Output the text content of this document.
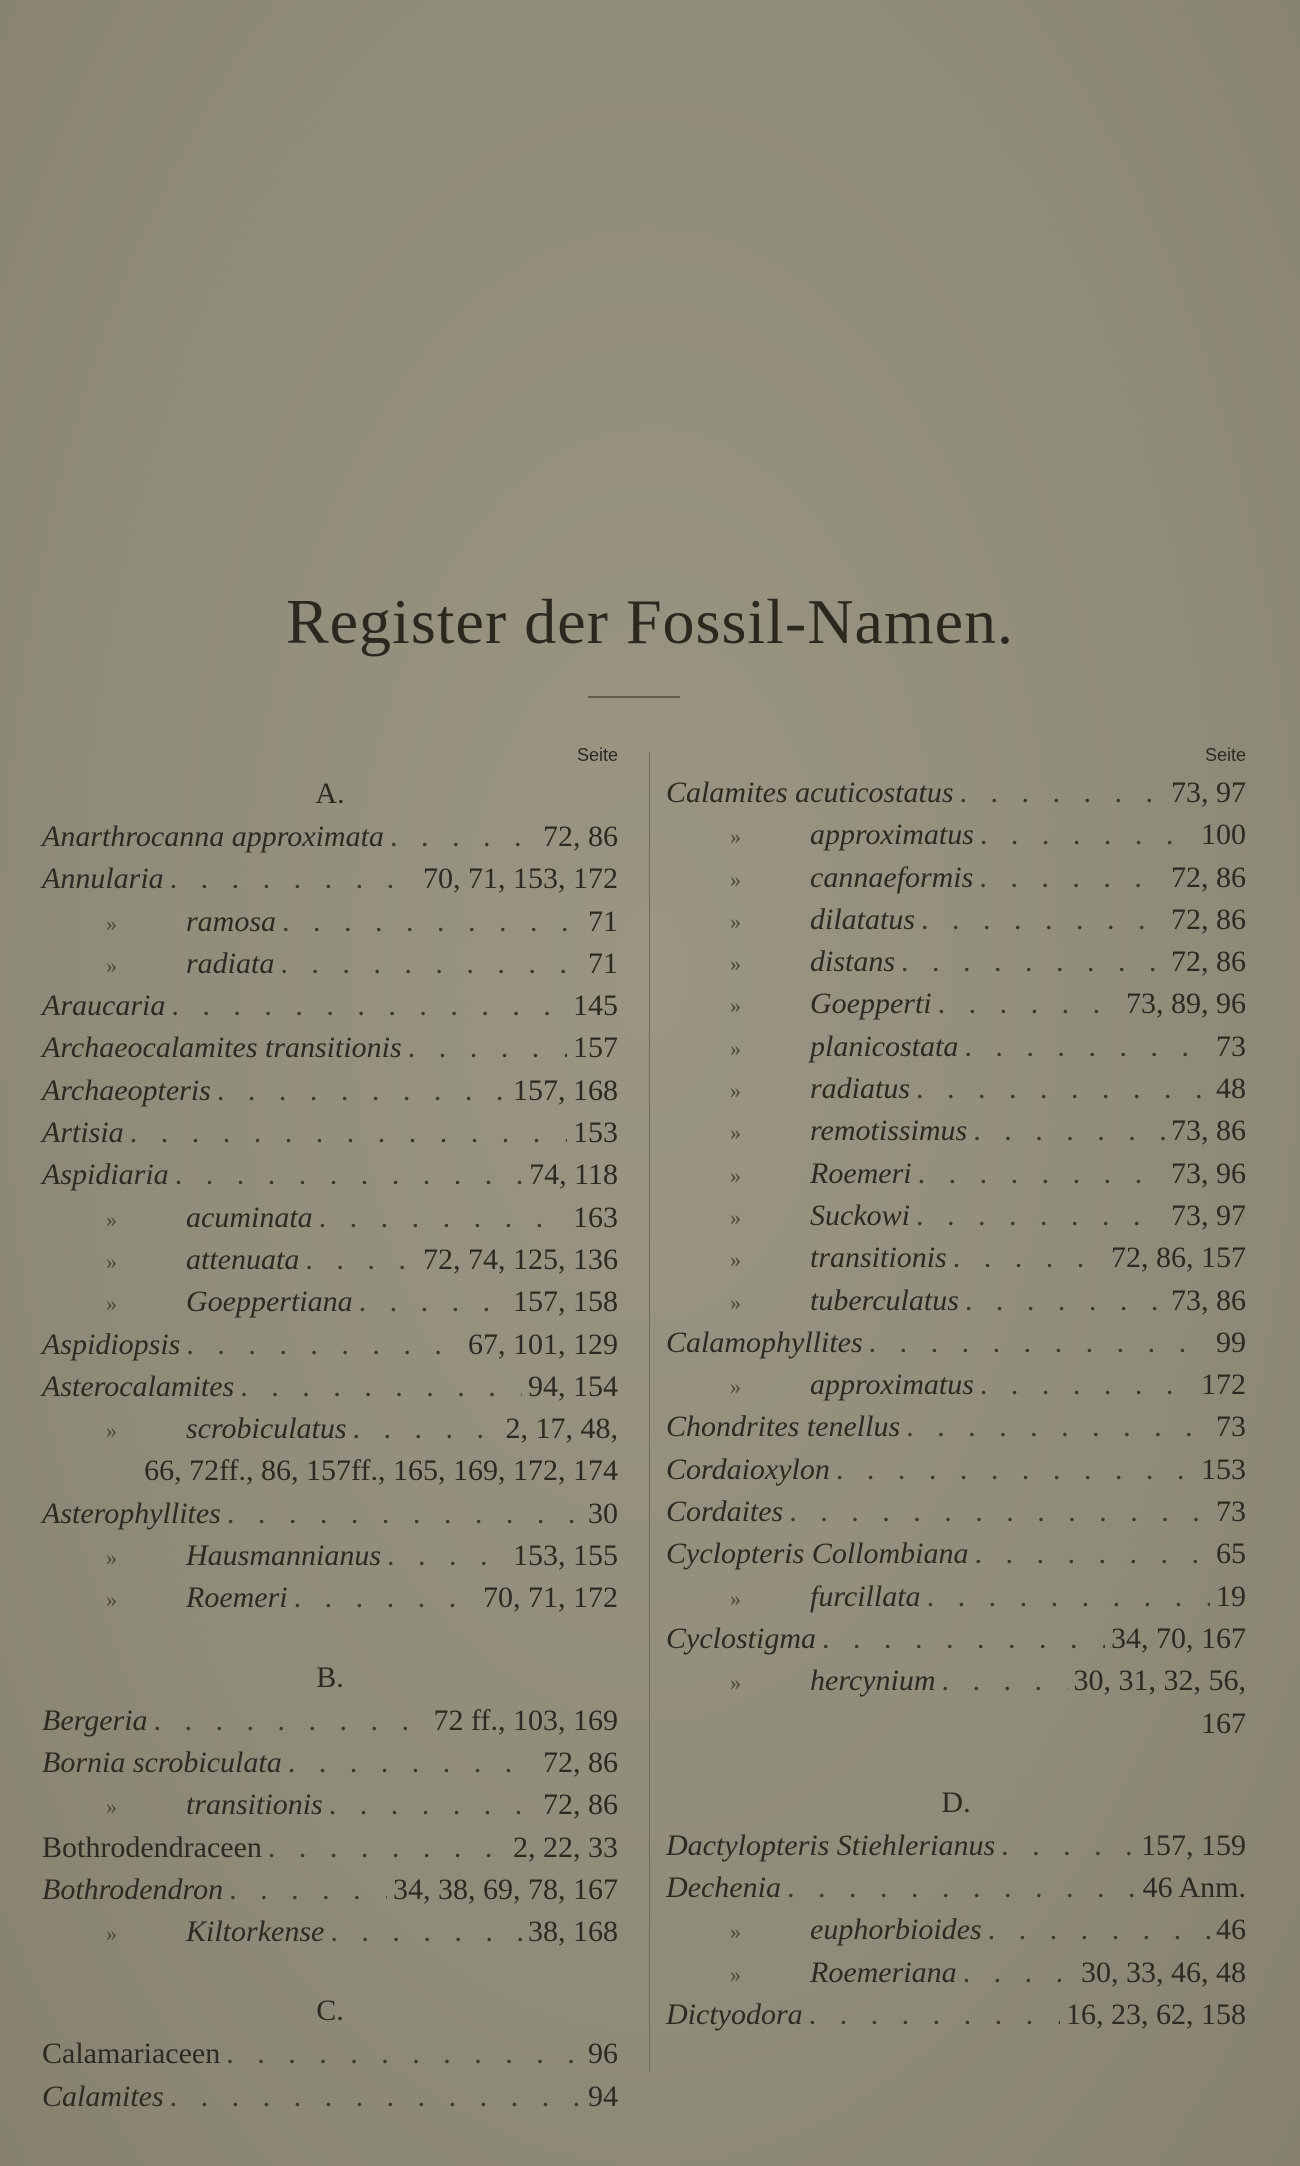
Register der Fossil-Namen.
Seite
A.
Anarthrocanna approximata . . .	72, 86
Annularia . . .	70, 71, 153, 172
» ramosa . . .	71
» radiata . . .	71
Araucaria . . .	145
Archaeocalamites transitionis . . .	157
Archaeopteris . . .	157, 168
Artisia . . .	153
Aspidiaria . . .	74, 118
» acuminata . . .	163
» attenuata . . .	72, 74, 125, 136
» Goeppertiana . . .	157, 158
Aspidiopsis . . .	67, 101, 129
Asterocalamites . . .	94, 154
» scrobiculatus . . .	2, 17, 48,
66, 72ff., 86, 157ff., 165, 169, 172, 174
Asterophyllites . . .	30
» Hausmannianus . . .	153, 155
» Roemeri . . .	70, 71, 172
B.
Bergeria . . .	72 ff., 103, 169
Bornia scrobiculata . . .	72, 86
» transitionis . . .	72, 86
Bothrodendraceen . . .	2, 22, 33
Bothrodendron . . .	34, 38, 69, 78, 167
» Kiltorkense . . .	38, 168
C.
Calamariaceen . . .	96
Calamites . . .	94
Seite
Calamites acuticostatus . . .	73, 97
» approximatus . . .	100
» cannaeformis . . .	72, 86
» dilatatus . . .	72, 86
» distans . . .	72, 86
» Goepperti . . .	73, 89, 96
» planicostata . . .	73
» radiatus . . .	48
» remotissimus . . .	73, 86
» Roemeri . . .	73, 96
» Suckowi . . .	73, 97
» transitionis . . .	72, 86, 157
» tuberculatus . . .	73, 86
Calamophyllites . . .	99
» approximatus . . .	172
Chondrites tenellus . . .	73
Cordaioxylon . . .	153
Cordaites . . .	73
Cyclopteris Collombiana . . .	65
» furcillata . . .	19
Cyclostigma . . .	34, 70, 167
» hercynium . . .	30, 31, 32, 56,
167
D.
Dactylopteris Stiehlerianus . . .	157, 159
Dechenia . . .	46 Anm.
» euphorbioides . . .	46
» Roemeriana . . .	30, 33, 46, 48
Dictyodora . . .	16, 23, 62, 158
